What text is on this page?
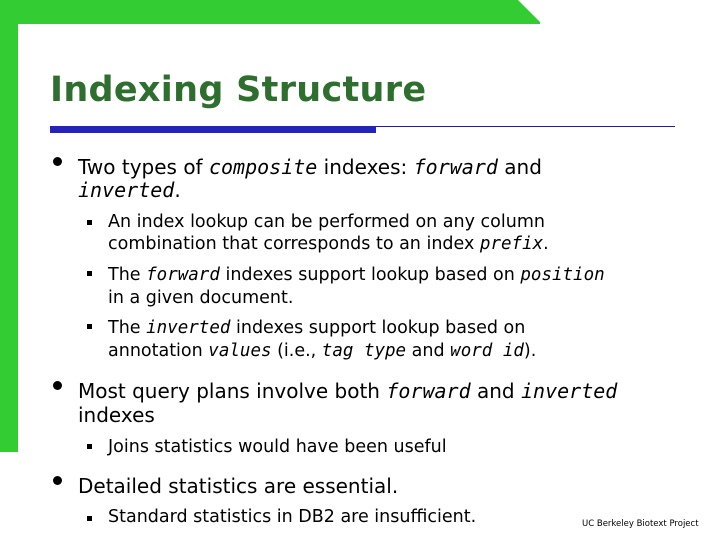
Indexing Structure
Two types of composite indexes: forward and
inverted.
An index lookup can be performed on any column
combination that corresponds to an index prefix.
The forward indexes support lookup based on position
in a given document.
The inverted indexes support lookup based on
annotation values (i.e., tag type and word id).
Most query plans involve both forward and inverted
indexes
Joins statistics would have been useful
Detailed statistics are essential.
Standard statistics in DB2 are insufficient.	UC Berkeley Biotext Project
